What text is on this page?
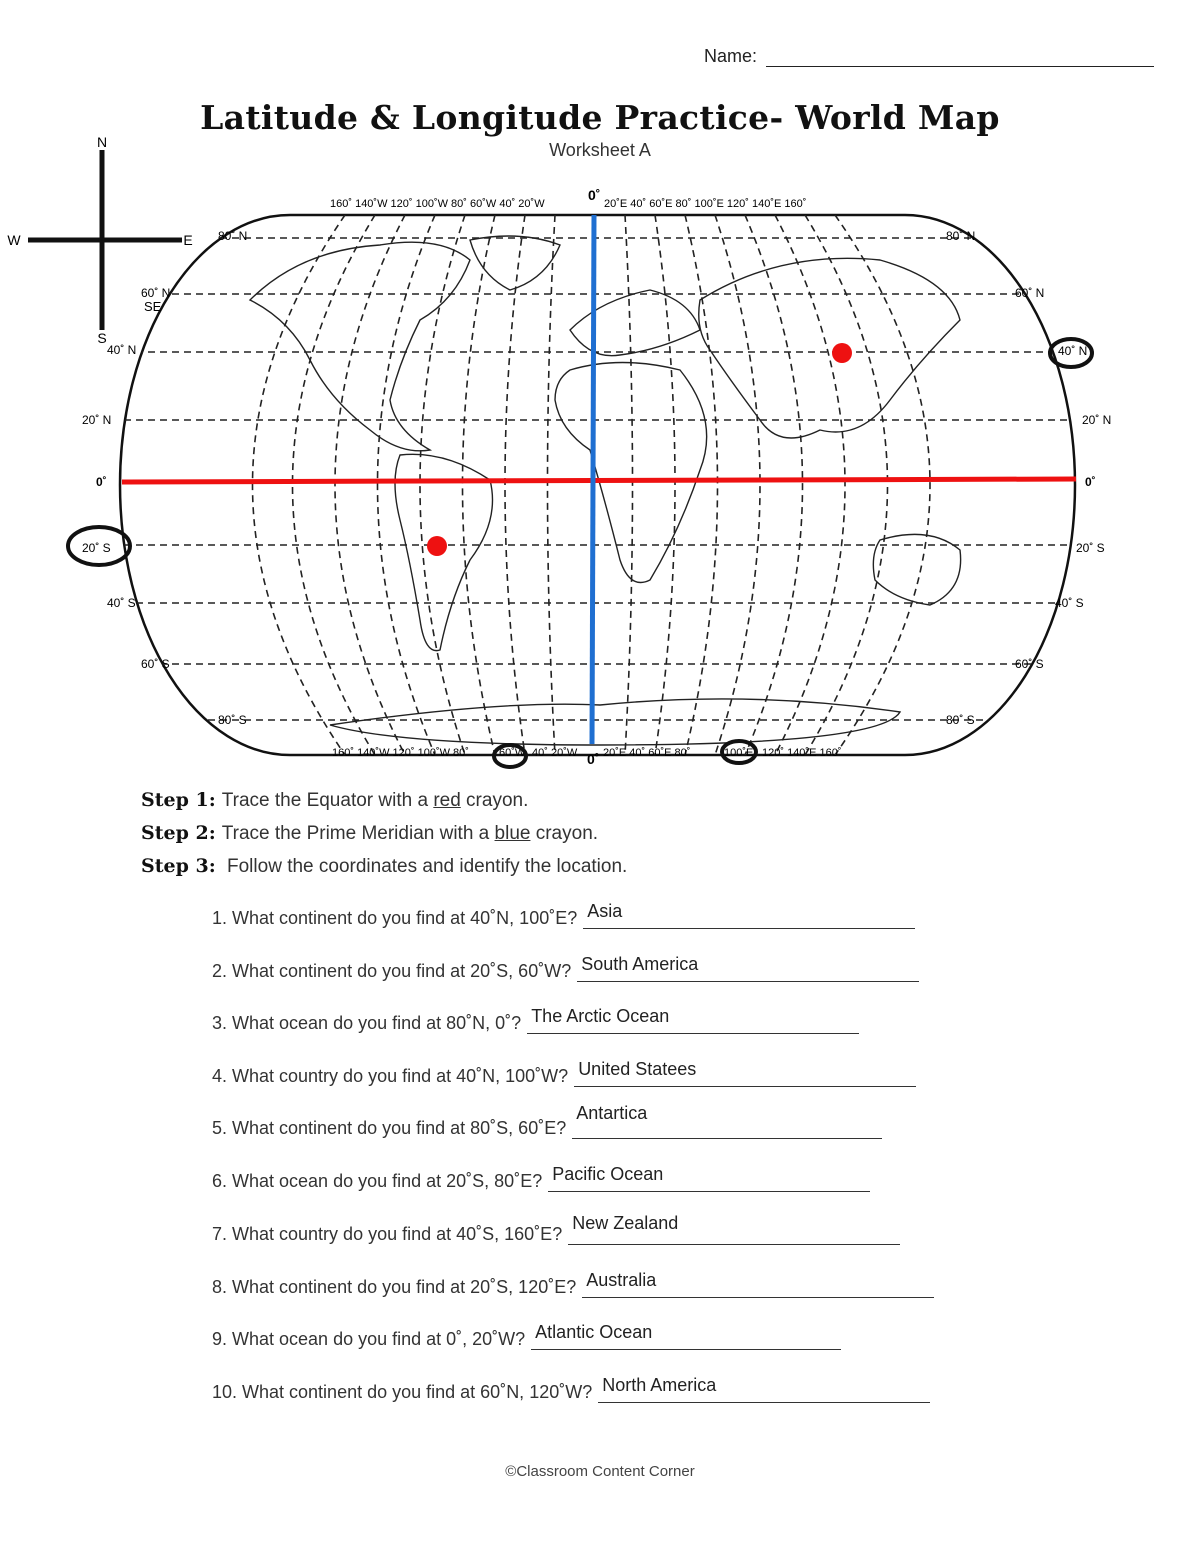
Name:
Latitude & Longitude Practice- World Map
Worksheet A
N
S
W	E
160˚ 140˚W 120˚ 100˚W 80˚ 60˚W 40˚ 20˚W
0˚
20˚E 40˚ 60˚E 80˚ 100˚E 120˚ 140˚E 160˚
160˚ 140˚W 120˚ 100˚W 80˚	60˚W 40˚ 20˚W 0˚ 20˚E 40˚ 60˚E 80˚	100˚E 120˚ 140˚E 160˚
80˚ N
60˚ N
SE
40˚ N
20˚ N
0˚
20˚ S
40˚ S
60˚ S
80˚ S
80˚ N
60˚ N
40˚ N
20˚ N
0˚
20˚ S
40˚ S
60˚ S
80˚ S
Step 1: Trace the Equator with a red crayon.
Step 2: Trace the Prime Meridian with a blue crayon.
Step 3: Follow the coordinates and identify the location.
1. What continent do you find at 40˚N, 100˚E? Asia
2. What continent do you find at 20˚S, 60˚W? South America
3. What ocean do you find at 80˚N, 0˚? The Arctic Ocean
4. What country do you find at 40˚N, 100˚W? United Statees
5. What continent do you find at 80˚S, 60˚E?
Antartica
6. What ocean do you find at 20˚S, 80˚E? Pacific Ocean
7. What country do you find at 40˚S, 160˚E?
New Zealand
8. What continent do you find at 20˚S, 120˚E? Australia
9. What ocean do you find at 0˚, 20˚W? Atlantic Ocean
10. What continent do you find at 60˚N, 120˚W? North America
©Classroom Content Corner
